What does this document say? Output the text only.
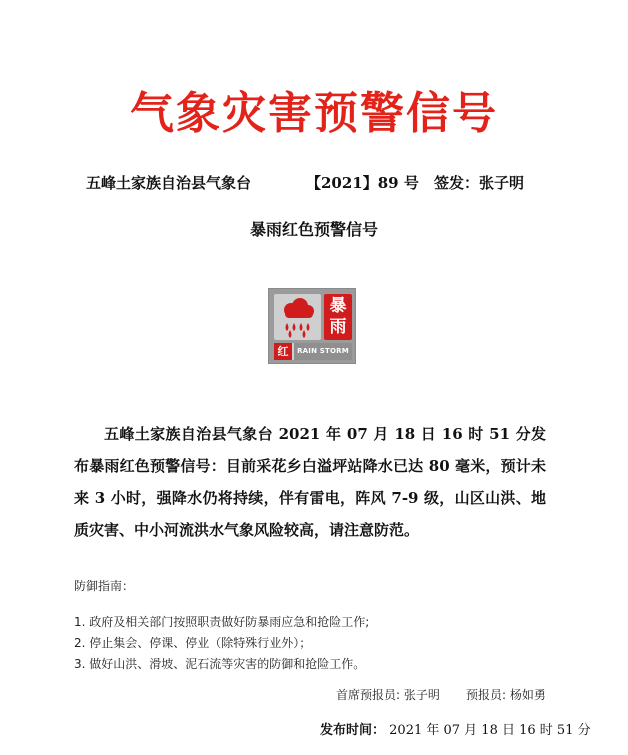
气象灾害预警信号
五峰土家族自治县气象台	【2021】89 号 签发：张子明
暴雨红色预警信号
暴
雨
红	RAIN STORM

五峰土家族自治县气象台 2021 年 07 月 18 日 16 时 51 分发布暴雨红色预警信号：目前采花乡白溢坪站降水已达 80 毫米，预计未来 3 小时，强降水仍将持续，伴有雷电，阵风 7-9 级，山区山洪、地质灾害、中小河流洪水气象风险较高，请注意防范。

防御指南：
1. 政府及相关部门按照职责做好防暴雨应急和抢险工作;
2. 停止集会、停课、停业（除特殊行业外）；
3. 做好山洪、滑坡、泥石流等灾害的防御和抢险工作。
首席预报员: 张子明 预报员: 杨如勇
发布时间： 2021 年 07 月 18 日 16 时 51 分
